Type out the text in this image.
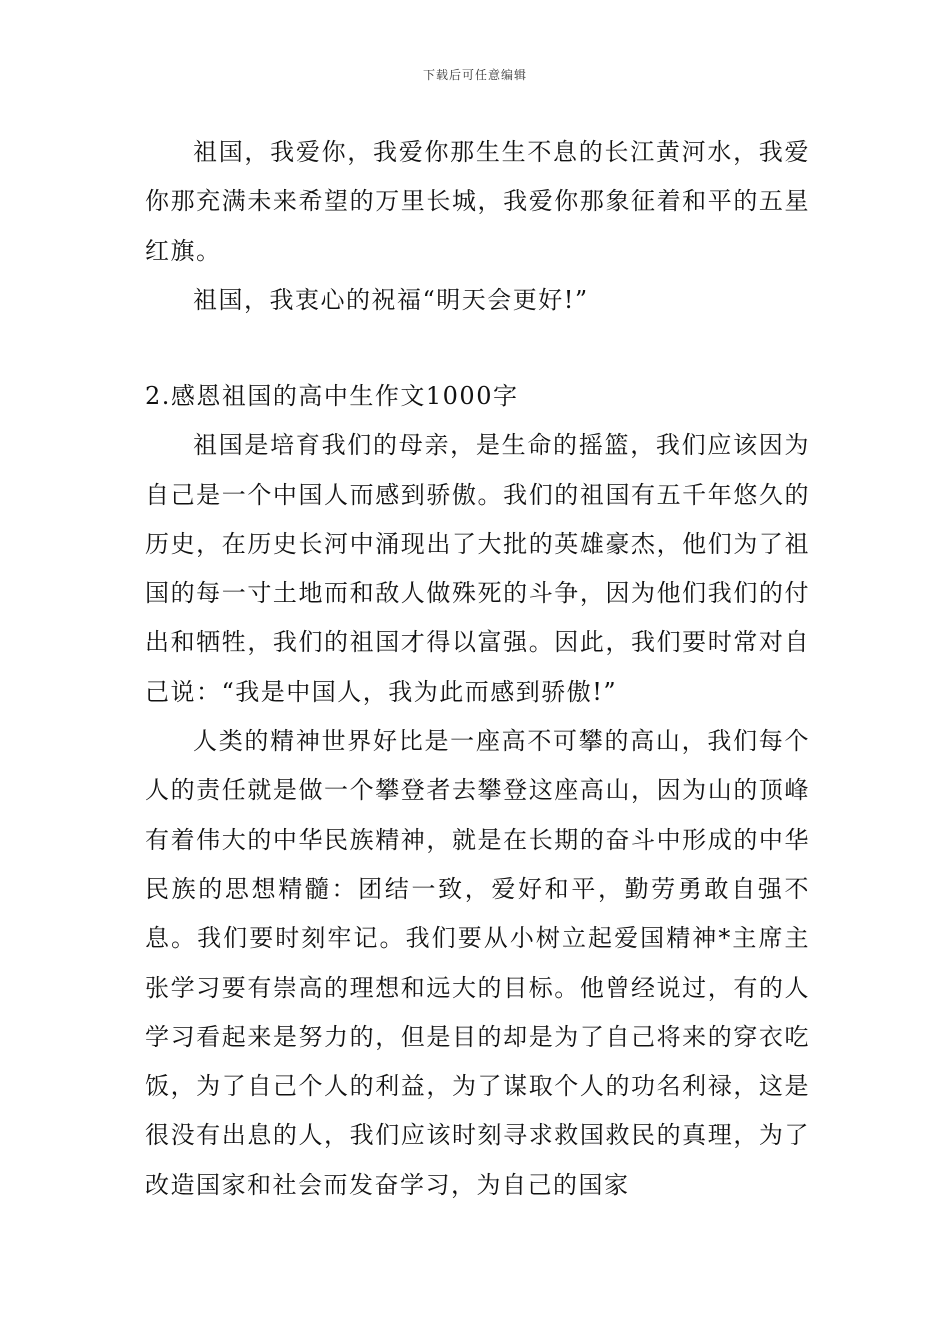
下载后可任意编辑

祖国，我爱你，我爱你那生生不息的长江黄河水，我爱你那充满未来希望的万里长城，我爱你那象征着和平的五星红旗。

祖国，我衷心的祝福“明天会更好!”

2.感恩祖国的高中生作文1000字

祖国是培育我们的母亲，是生命的摇篮，我们应该因为自己是一个中国人而感到骄傲。我们的祖国有五千年悠久的历史，在历史长河中涌现出了大批的英雄豪杰，他们为了祖国的每一寸土地而和敌人做殊死的斗争，因为他们我们的付出和牺牲，我们的祖国才得以富强。因此，我们要时常对自己说：“我是中国人，我为此而感到骄傲!”

人类的精神世界好比是一座高不可攀的高山，我们每个人的责任就是做一个攀登者去攀登这座高山，因为山的顶峰有着伟大的中华民族精神，就是在长期的奋斗中形成的中华民族的思想精髓：团结一致，爱好和平，勤劳勇敢自强不息。我们要时刻牢记。我们要从小树立起爱国精神*主席主张学习要有崇高的理想和远大的目标。他曾经说过，有的人学习看起来是努力的，但是目的却是为了自己将来的穿衣吃饭，为了自己个人的利益，为了谋取个人的功名利禄，这是很没有出息的人，我们应该时刻寻求救国救民的真理，为了改造国家和社会而发奋学习，为自己的国家
